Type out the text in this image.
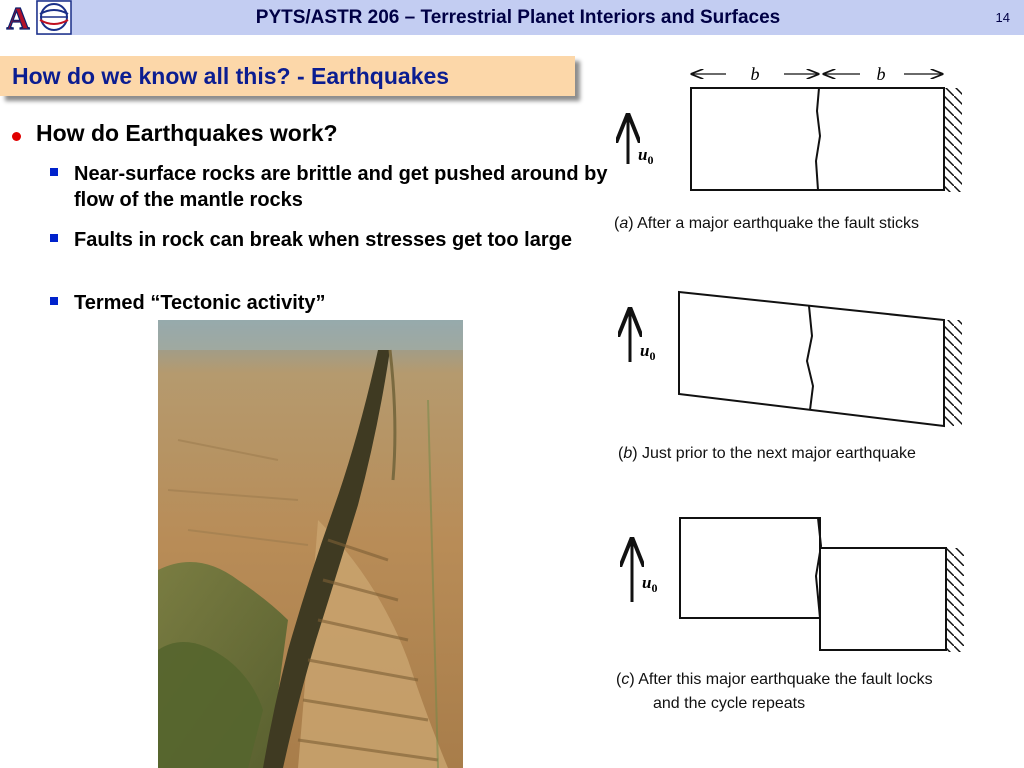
A	PYTS/ASTR 206 – Terrestrial Planet Interiors and Surfaces	14
How do we know all this? - Earthquakes
How do Earthquakes work?
Near-surface rocks are brittle and get pushed around by flow of the mantle rocks
Faults in rock can break when stresses get too large
Termed “Tectonic activity”
b	b
$u_0$
(a) After a major earthquake the fault sticks
$u_0$
(b) Just prior to the next major earthquake
$u_0$
(c) After this major earthquake the fault locks
and the cycle repeats
